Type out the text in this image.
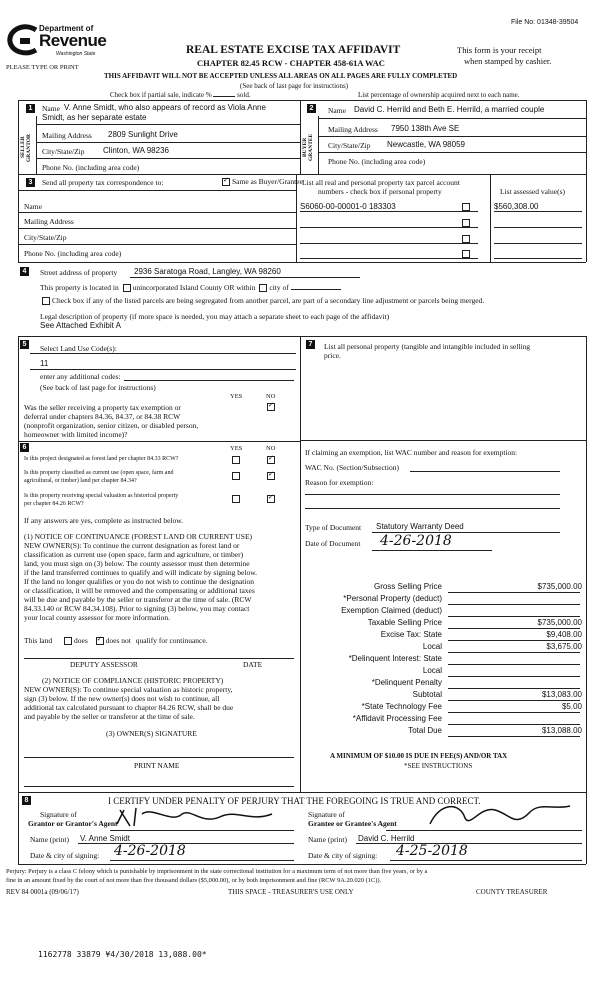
File No: 01348-39504
Department of
Revenue
Washington State
PLEASE TYPE OR PRINT
REAL ESTATE EXCISE TAX AFFIDAVIT
CHAPTER 82.45 RCW - CHAPTER 458-61A WAC
This form is your receipt
when stamped by cashier.
THIS AFFIDAVIT WILL NOT BE ACCEPTED UNLESS ALL AREAS ON ALL PAGES ARE FULLY COMPLETED
(See back of last page for instructions)
Check box if partial sale, indicate %	sold.	List percentage of ownership acquired next to each name.
1
SELLER GRANTOR
Name V. Anne Smidt, who also appears of record as Viola Anne
Smidt, as her separate estate
Mailing Address 2809 Sunlight Drive
City/State/Zip Clinton, WA 98236
Phone No. (including area code)
2
BUYER GRANTEE
Name David C. Herrild and Beth E. Herrild, a married couple
Mailing Address 7950 138th Ave SE
City/State/Zip Newcastle, WA 98059
Phone No. (including area code)
3	Send all property tax correspondence to: ✓	Same as Buyer/Grantee
Name
Mailing Address
City/State/Zip
Phone No. (including area code)
List all real and personal property tax parcel account
numbers - check box if personal property	List assessed value(s)
S6060-00-00001-0 183303	$560,308.00
4	Street address of property 2936 Saratoga Road, Langley, WA 98260
This property is located in unincorporated Island County OR within city of
Check box if any of the listed parcels are being segregated from another parcel, are part of a secondary line adjustment or parcels being merged.
Legal description of property (if more space is needed, you may attach a separate sheet to each page of the affidavit)
See Attached Exhibit A
5	Select Land Use Code(s):
11
enter any additional codes:
(See back of last page for instructions)
YES	NO
Was the seller receiving a property tax exemption or
deferral under chapters 84.36, 84.37, or 84.38 RCW
(nonprofit organization, senior citizen, or disabled person,
homeowner with limited income)?
✓
6	YES	NO
Is this project designated as forest land per chapter 84.33 RCW?
✓
Is this property classified as current use (open space, farm and
agricultural, or timber) land per chapter 84.34?
✓
Is this property receiving special valuation as historical property
per chapter 84.26 RCW?
✓
If any answers are yes, complete as instructed below.
(1) NOTICE OF CONTINUANCE (FOREST LAND OR CURRENT USE)
NEW OWNER(S): To continue the current designation as forest land or
classification as current use (open space, farm and agriculture, or timber)
land, you must sign on (3) below. The county assessor must then determine
if the land transferred continues to qualify and will indicate by signing below.
If the land no longer qualifies or you do not wish to continue the designation
or classification, it will be removed and the compensating or additional taxes
will be due and payable by the seller or transferor at the time of sale. (RCW
84.33.140 or RCW 84.34.108). Prior to signing (3) below, you may contact
your local county assessor for more information.
This land	does ✓ does not qualify for continuance.
DEPUTY ASSESSOR	DATE
(2) NOTICE OF COMPLIANCE (HISTORIC PROPERTY)
NEW OWNER(S): To continue special valuation as historic property,
sign (3) below. If the new owner(s) does not wish to continue, all
additional tax calculated pursuant to chapter 84.26 RCW, shall be due
and payable by the seller or transferor at the time of sale.
(3) OWNER(S) SIGNATURE
PRINT NAME
7	List all personal property (tangible and intangible included in selling
price.
If claiming an exemption, list WAC number and reason for exemption:
WAC No. (Section/Subsection)
Reason for exemption:
Type of Document Statutory Warranty Deed
Date of Document 4-26-2018
Gross Selling Price	$735,000.00
*Personal Property (deduct)
Exemption Claimed (deduct)
Taxable Selling Price	$735,000.00
Excise Tax: State	$9,408.00
Local	$3,675.00
*Delinquent Interest: State
Local
*Delinquent Penalty
Subtotal	$13,083.00
*State Technology Fee	$5.00
*Affidavit Processing Fee
Total Due	$13,088.00
A MINIMUM OF $10.00 IS DUE IN FEE(S) AND/OR TAX
*SEE INSTRUCTIONS
8	I CERTIFY UNDER PENALTY OF PERJURY THAT THE FOREGOING IS TRUE AND CORRECT.
Signature of
Grantor or Grantor's Agent
Signature of
Grantee or Grantee's Agent
Name (print) V. Anne Smidt	Name (print) David C. Herrild
Date & city of signing: 4-26-2018	Date & city of signing: 4-25-2018
Perjury: Perjury is a class C felony which is punishable by imprisonment in the state correctional institution for a maximum term of not more than five years, or by a
fine in an amount fixed by the court of not more than five thousand dollars ($5,000.00), or by both imprisonment and fine (RCW 9A.20.020 (1C)).
REV 84 0001a (09/06/17)	THIS SPACE - TREASURER'S USE ONLY	COUNTY TREASURER
1162778 33879 ¥4/30/2018 13,088.00*
